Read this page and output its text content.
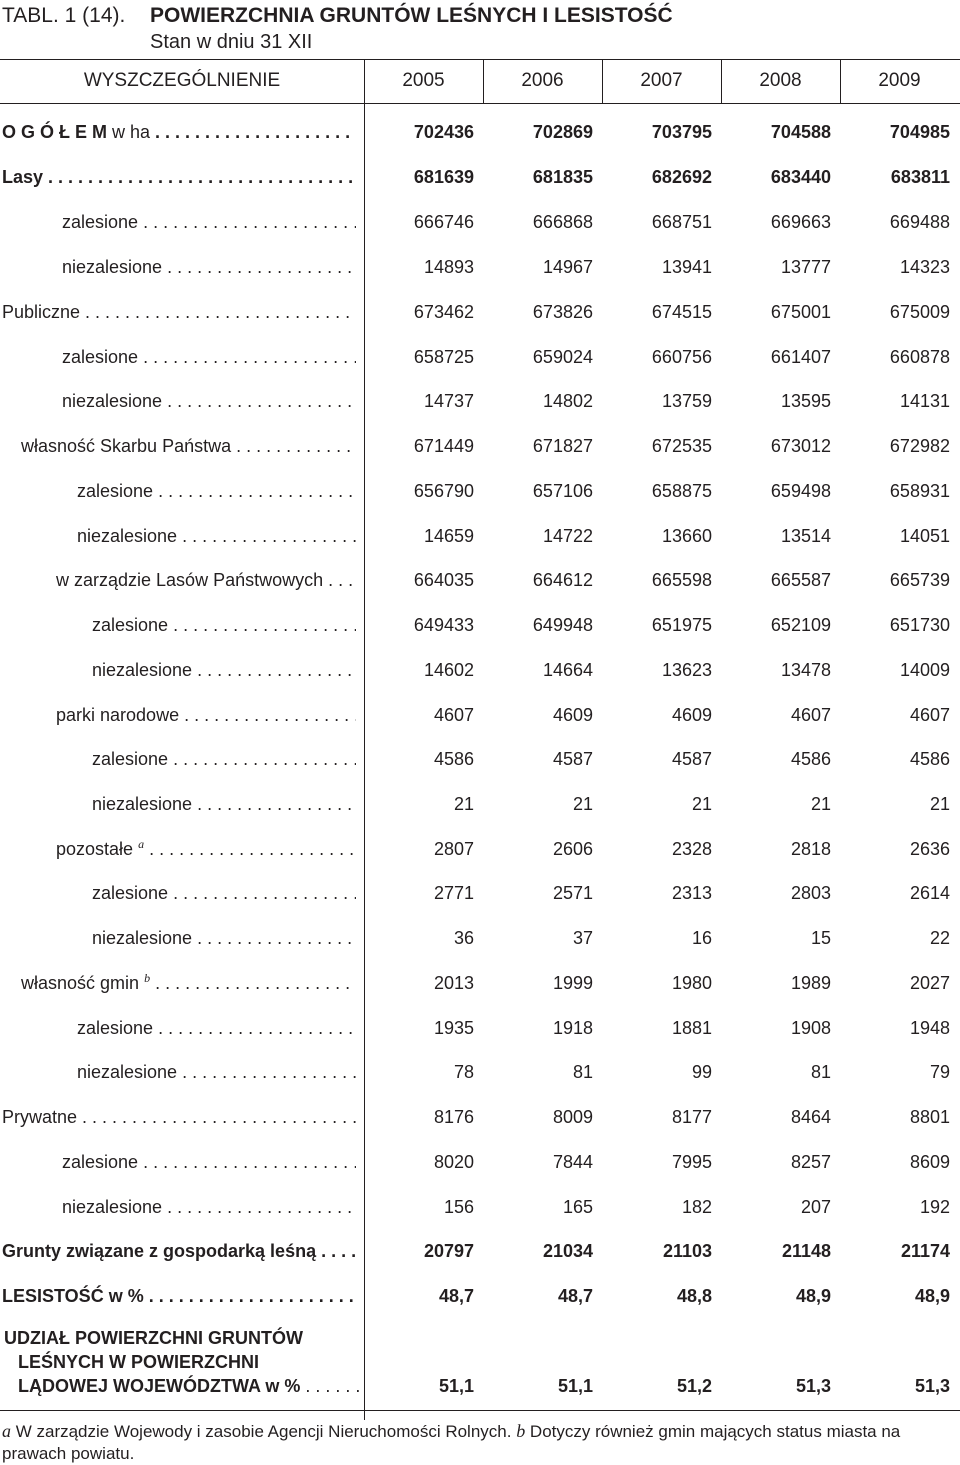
TABL. 1 (14). POWIERZCHNIA GRUNTÓW LEŚNYCH I LESISTOŚĆ
Stan w dniu 31 XII
WYSZCZEGÓLNIENIE	2005	2006	2007	2008	2009
O G Ó Ł E M w ha . . .	702436	702869	703795	704588	704985
Lasy . . .	681639	681835	682692	683440	683811
zalesione . . .	666746	666868	668751	669663	669488
niezalesione . . .	14893	14967	13941	13777	14323
Publiczne . . .	673462	673826	674515	675001	675009
zalesione . . .	658725	659024	660756	661407	660878
niezalesione . . .	14737	14802	13759	13595	14131
własność Skarbu Państwa . . .	671449	671827	672535	673012	672982
zalesione . . .	656790	657106	658875	659498	658931
niezalesione . . .	14659	14722	13660	13514	14051
w zarządzie Lasów Państwowych . . .	664035	664612	665598	665587	665739
zalesione . . .	649433	649948	651975	652109	651730
niezalesione . . .	14602	14664	13623	13478	14009
parki narodowe . . .	4607	4609	4609	4607	4607
zalesione . . .	4586	4587	4587	4586	4586
niezalesione . . .	21	21	21	21	21
pozostałe $^a$ . . .	2807	2606	2328	2818	2636
zalesione . . .	2771	2571	2313	2803	2614
niezalesione . . .	36	37	16	15	22
własność gmin $^b$ . . .	2013	1999	1980	1989	2027
zalesione . . .	1935	1918	1881	1908	1948
niezalesione . . .	78	81	99	81	79
Prywatne . . .	8176	8009	8177	8464	8801
zalesione . . .	8020	7844	7995	8257	8609
niezalesione . . .	156	165	182	207	192
Grunty związane z gospodarką leśną . . .	20797	21034	21103	21148	21174
LESISTOŚĆ w % . . .	48,7	48,7	48,8	48,9	48,9
UDZIAŁ POWIERZCHNI GRUNTÓW
LEŚNYCH W POWIERZCHNI
LĄDOWEJ WOJEWÓDZTWA w % . . .	51,1	51,1	51,2	51,3	51,3
a W zarządzie Wojewody i zasobie Agencji Nieruchomości Rolnych. b Dotyczy również gmin mających status miasta na prawach powiatu.
